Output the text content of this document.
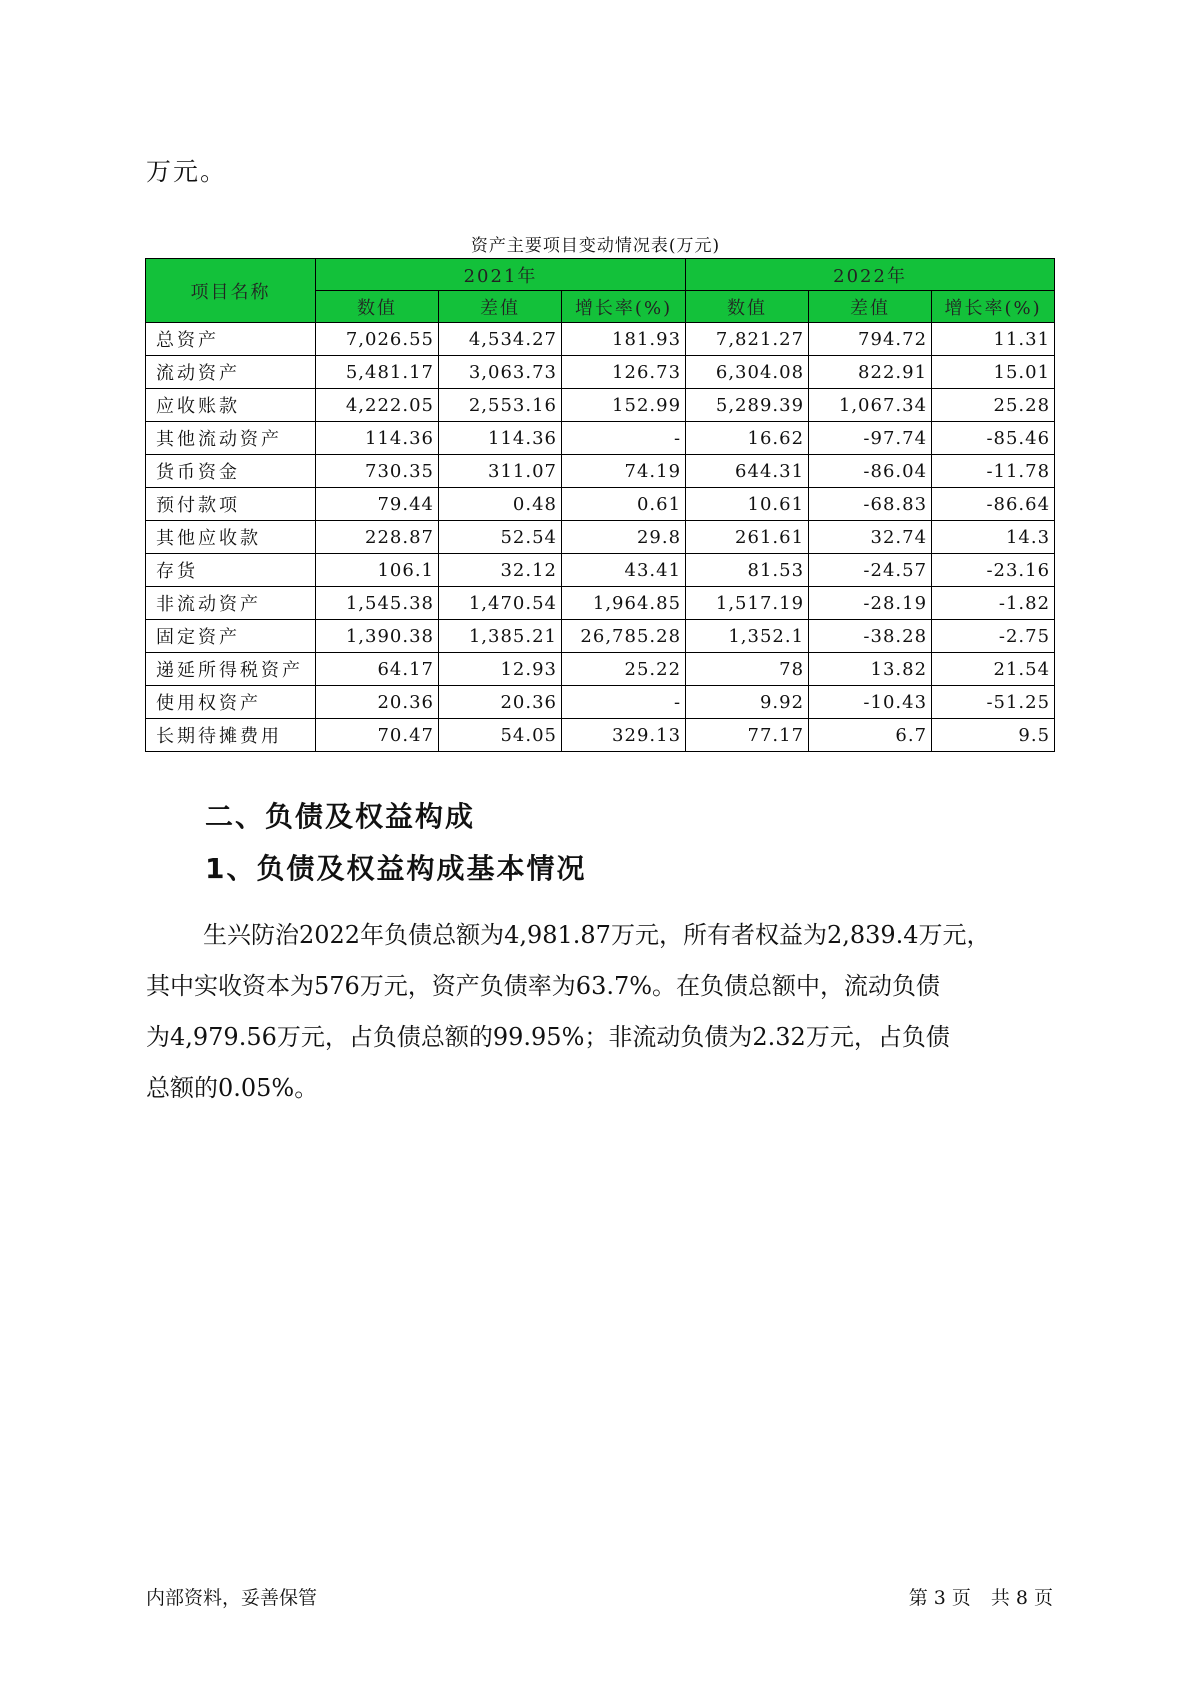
万元。

资产主要项目变动情况表(万元)

项目名称	2021年			2022年		
	数值	差值	增长率(%)	数值	差值	增长率(%)
总资产	7,026.55	4,534.27	181.93	7,821.27	794.72	11.31
流动资产	5,481.17	3,063.73	126.73	6,304.08	822.91	15.01
应收账款	4,222.05	2,553.16	152.99	5,289.39	1,067.34	25.28
其他流动资产	114.36	114.36	-	16.62	-97.74	-85.46
货币资金	730.35	311.07	74.19	644.31	-86.04	-11.78
预付款项	79.44	0.48	0.61	10.61	-68.83	-86.64
其他应收款	228.87	52.54	29.8	261.61	32.74	14.3
存货	106.1	32.12	43.41	81.53	-24.57	-23.16
非流动资产	1,545.38	1,470.54	1,964.85	1,517.19	-28.19	-1.82
固定资产	1,390.38	1,385.21	26,785.28	1,352.1	-38.28	-2.75
递延所得税资产	64.17	12.93	25.22	78	13.82	21.54
使用权资产	20.36	20.36	-	9.92	-10.43	-51.25
长期待摊费用	70.47	54.05	329.13	77.17	6.7	9.5
二、负债及权益构成
1、负债及权益构成基本情况

生兴防治2022年负债总额为4,981.87万元，所有者权益为2,839.4万元，
其中实收资本为576万元，资产负债率为63.7%。在负债总额中，流动负债
为4,979.56万元，占负债总额的99.95%；非流动负债为2.32万元，占负债
总额的0.05%。

内部资料，妥善保管	第 3 页 共 8 页
